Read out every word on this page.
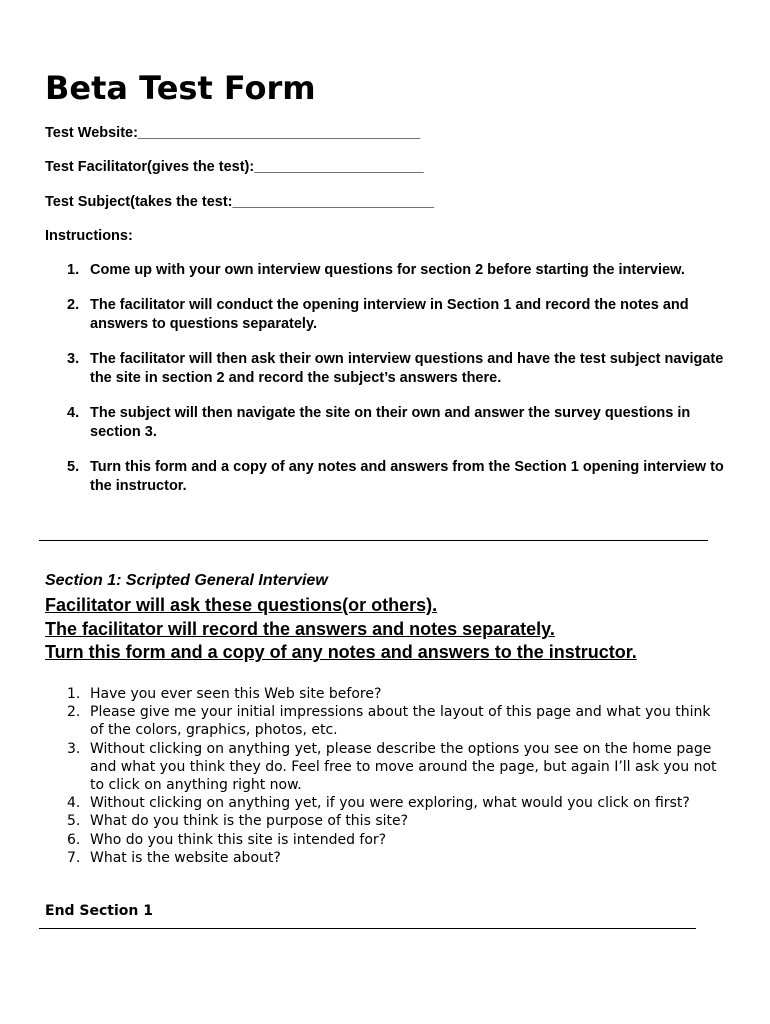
Beta Test Form
Test Website:___________________________________
Test Facilitator(gives the test):_____________________
Test Subject(takes the test:_________________________
Instructions:
1. Come up with your own interview questions for section 2 before starting the interview.
2. The facilitator will conduct the opening interview in Section 1 and record the notes and answers to questions separately.
3. The facilitator will then ask their own interview questions and have the test subject navigate the site in section 2 and record the subject’s answers there.
4. The subject will then navigate the site on their own and answer the survey questions in section 3.
5. Turn this form and a copy of any notes and answers from the Section 1 opening interview to the instructor.
Section 1: Scripted General Interview
Facilitator will ask these questions(or others).
The facilitator will record the answers and notes separately.
Turn this form and a copy of any notes and answers to the instructor.
1. Have you ever seen this Web site before?
2. Please give me your initial impressions about the layout of this page and what you think of the colors, graphics, photos, etc.
3. Without clicking on anything yet, please describe the options you see on the home page and what you think they do. Feel free to move around the page, but again I’ll ask you not to click on anything right now.
4. Without clicking on anything yet, if you were exploring, what would you click on first?
5. What do you think is the purpose of this site?
6. Who do you think this site is intended for?
7. What is the website about?
End Section 1
